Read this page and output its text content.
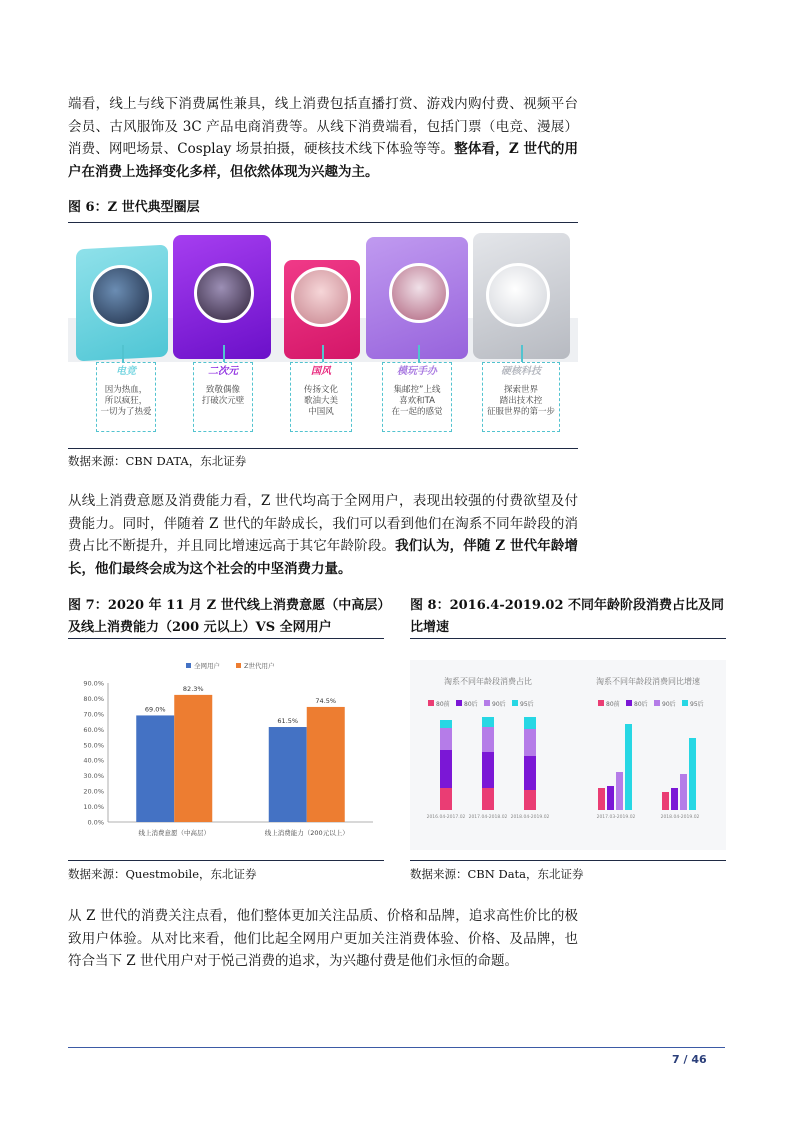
端看，线上与线下消费属性兼具，线上消费包括直播打赏、游戏内购付费、视频平台会员、古风服饰及 3C 产品电商消费等。从线下消费端看，包括门票（电竞、漫展）消费、网吧场景、Cosplay 场景拍摄，硬核技术线下体验等等。整体看，Z 世代的用户在消费上选择变化多样，但依然体现为兴趣为主。
图 6：Z 世代典型圈层
电竞
因为热血，
所以疯狂，
一切为了热爱
二次元
致敬偶像
打破次元壁
国风
传扬文化
歌油大美
中国风
模玩手办
集邮控”上线
喜欢和TA
在一起的感觉
硬核科技
探索世界
踏出技术控
征服世界的第一步
数据来源：CBN DATA，东北证券
从线上消费意愿及消费能力看，Z 世代均高于全网用户，表现出较强的付费欲望及付费能力。同时，伴随着 Z 世代的年龄成长，我们可以看到他们在淘系不同年龄段的消费占比不断提升，并且同比增速远高于其它年龄阶段。我们认为，伴随 Z 世代年龄增长，他们最终会成为这个社会的中坚消费力量。
图 7：2020 年 11 月 Z 世代线上消费意愿（中高层）及线上消费能力（200 元以上）VS 全网用户
图 8：2016.4-2019.02 不同年龄阶段消费占比及同比增速
全网用户	Z世代用户
0.0%
10.0%
20.0%
30.0%
40.0%
50.0%
60.0%
70.0%
80.0%
90.0%
69.0%
82.3%
线上消费意愿（中高层）
61.5%
74.5%
线上消费能力（200元以上）
数据来源：Questmobile，东北证券
淘系不同年龄段消费占比	淘系不同年龄段消费同比增速
80前 80后 90后 95后	80前 80后 90后 95后
2016.04-2017.02 2017.04-2018.02 2018.04-2019.02	2017.03-2019.02	2018.04-2019.02
数据来源：CBN Data，东北证券
从 Z 世代的消费关注点看，他们整体更加关注品质、价格和品牌，追求高性价比的极致用户体验。从对比来看，他们比起全网用户更加关注消费体验、价格、及品牌，也符合当下 Z 世代用户对于悦己消费的追求，为兴趣付费是他们永恒的命题。
7 / 46
